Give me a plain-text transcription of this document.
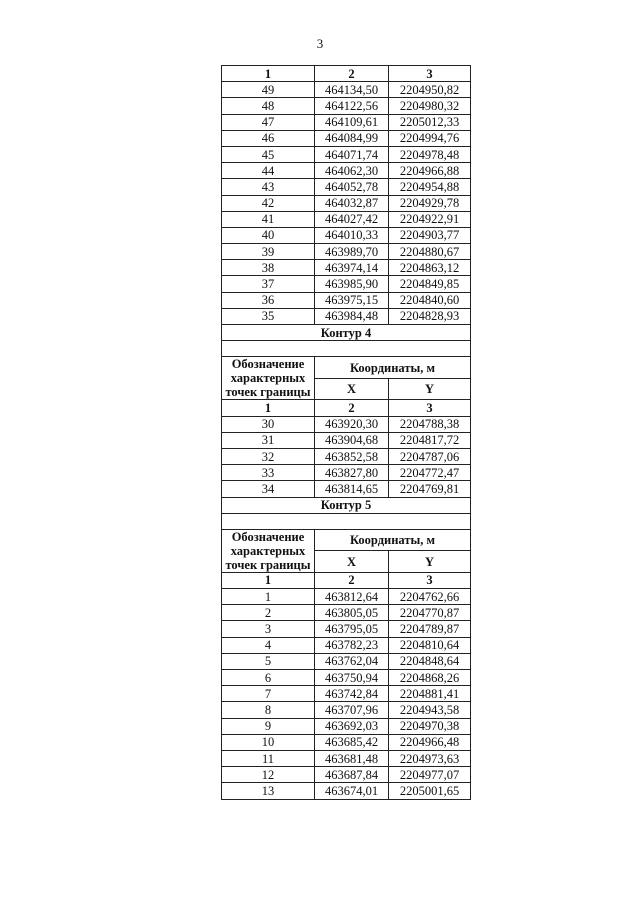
3
1	2	3
49	464134,50	2204950,82
48	464122,56	2204980,32
47	464109,61	2205012,33
46	464084,99	2204994,76
45	464071,74	2204978,48
44	464062,30	2204966,88
43	464052,78	2204954,88
42	464032,87	2204929,78
41	464027,42	2204922,91
40	464010,33	2204903,77
39	463989,70	2204880,67
38	463974,14	2204863,12
37	463985,90	2204849,85
36	463975,15	2204840,60
35	463984,48	2204828,93
Контур 4		

Обозначение характерных точек границы	Координаты, м	
	X	Y
1	2	3
30	463920,30	2204788,38
31	463904,68	2204817,72
32	463852,58	2204787,06
33	463827,80	2204772,47
34	463814,65	2204769,81
Контур 5		

Обозначение характерных точек границы	Координаты, м	
	X	Y
1	2	3
1	463812,64	2204762,66
2	463805,05	2204770,87
3	463795,05	2204789,87
4	463782,23	2204810,64
5	463762,04	2204848,64
6	463750,94	2204868,26
7	463742,84	2204881,41
8	463707,96	2204943,58
9	463692,03	2204970,38
10	463685,42	2204966,48
11	463681,48	2204973,63
12	463687,84	2204977,07
13	463674,01	2205001,65
